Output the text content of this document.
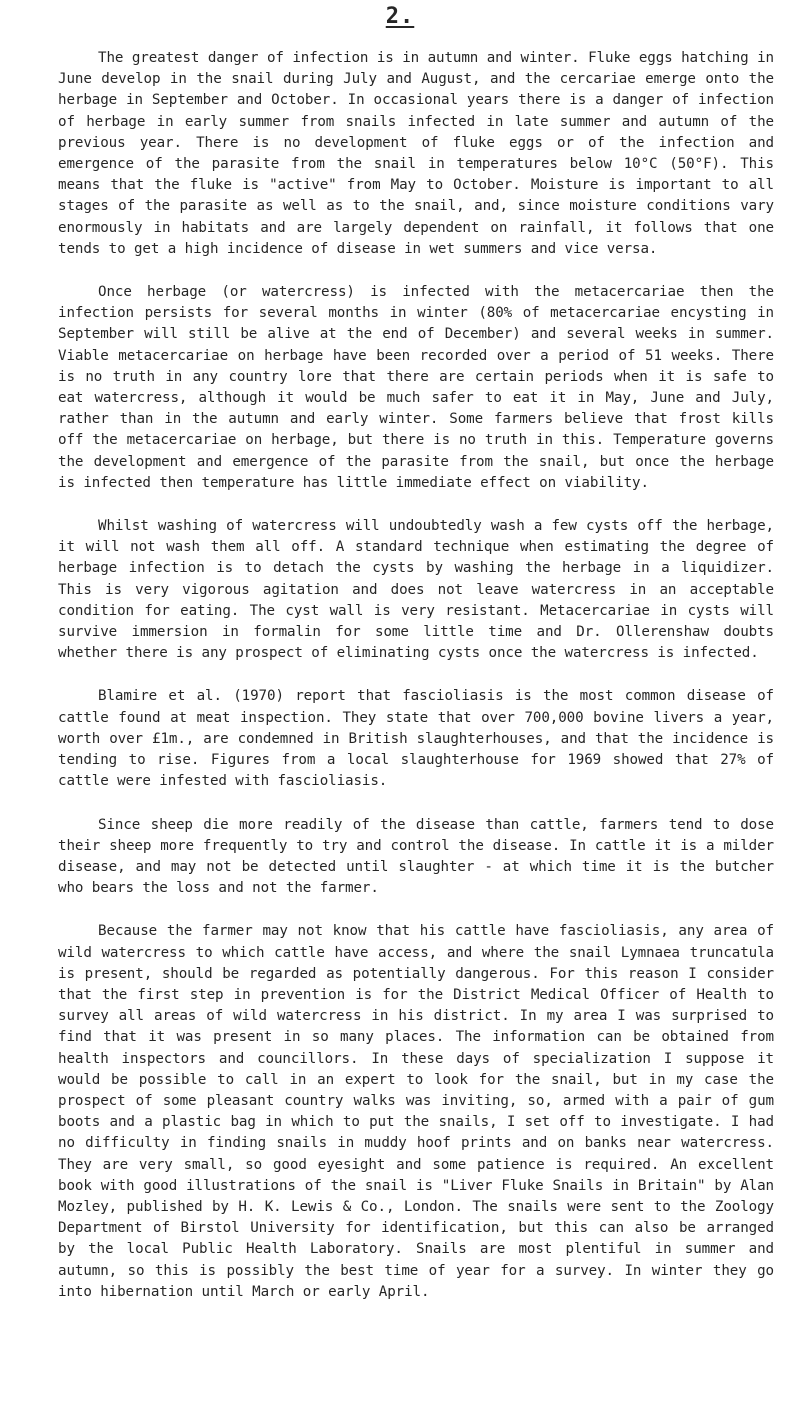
2.

The greatest danger of infection is in autumn and winter. Fluke eggs hatching in June develop in the snail during July and August, and the cercariae emerge onto the herbage in September and October. In occasional years there is a danger of infection of herbage in early summer from snails infected in late summer and autumn of the previous year. There is no development of fluke eggs or of the infection and emergence of the parasite from the snail in temperatures below 10°C (50°F). This means that the fluke is "active" from May to October. Moisture is important to all stages of the parasite as well as to the snail, and, since moisture conditions vary enormously in habitats and are largely dependent on rainfall, it follows that one tends to get a high incidence of disease in wet summers and vice versa.

Once herbage (or watercress) is infected with the metacercariae then the infection persists for several months in winter (80% of metacercariae encysting in September will still be alive at the end of December) and several weeks in summer. Viable metacercariae on herbage have been recorded over a period of 51 weeks. There is no truth in any country lore that there are certain periods when it is safe to eat watercress, although it would be much safer to eat it in May, June and July, rather than in the autumn and early winter. Some farmers believe that frost kills off the metacercariae on herbage, but there is no truth in this. Temperature governs the development and emergence of the parasite from the snail, but once the herbage is infected then temperature has little immediate effect on viability.

Whilst washing of watercress will undoubtedly wash a few cysts off the herbage, it will not wash them all off. A standard technique when estimating the degree of herbage infection is to detach the cysts by washing the herbage in a liquidizer. This is very vigorous agitation and does not leave watercress in an acceptable condition for eating. The cyst wall is very resistant. Metacercariae in cysts will survive immersion in formalin for some little time and Dr. Ollerenshaw doubts whether there is any prospect of eliminating cysts once the watercress is infected.

Blamire et al. (1970) report that fascioliasis is the most common disease of cattle found at meat inspection. They state that over 700,000 bovine livers a year, worth over £1m., are condemned in British slaughterhouses, and that the incidence is tending to rise. Figures from a local slaughterhouse for 1969 showed that 27% of cattle were infested with fascioliasis.

Since sheep die more readily of the disease than cattle, farmers tend to dose their sheep more frequently to try and control the disease. In cattle it is a milder disease, and may not be detected until slaughter - at which time it is the butcher who bears the loss and not the farmer.

Because the farmer may not know that his cattle have fascioliasis, any area of wild watercress to which cattle have access, and where the snail Lymnaea truncatula is present, should be regarded as potentially dangerous. For this reason I consider that the first step in prevention is for the District Medical Officer of Health to survey all areas of wild watercress in his district. In my area I was surprised to find that it was present in so many places. The information can be obtained from health inspectors and councillors. In these days of specialization I suppose it would be possible to call in an expert to look for the snail, but in my case the prospect of some pleasant country walks was inviting, so, armed with a pair of gum boots and a plastic bag in which to put the snails, I set off to investigate. I had no difficulty in finding snails in muddy hoof prints and on banks near watercress. They are very small, so good eyesight and some patience is required. An excellent book with good illustrations of the snail is "Liver Fluke Snails in Britain" by Alan Mozley, published by H. K. Lewis & Co., London. The snails were sent to the Zoology Department of Birstol University for identification, but this can also be arranged by the local Public Health Laboratory. Snails are most plentiful in summer and autumn, so this is possibly the best time of year for a survey. In winter they go into hibernation until March or early April.
